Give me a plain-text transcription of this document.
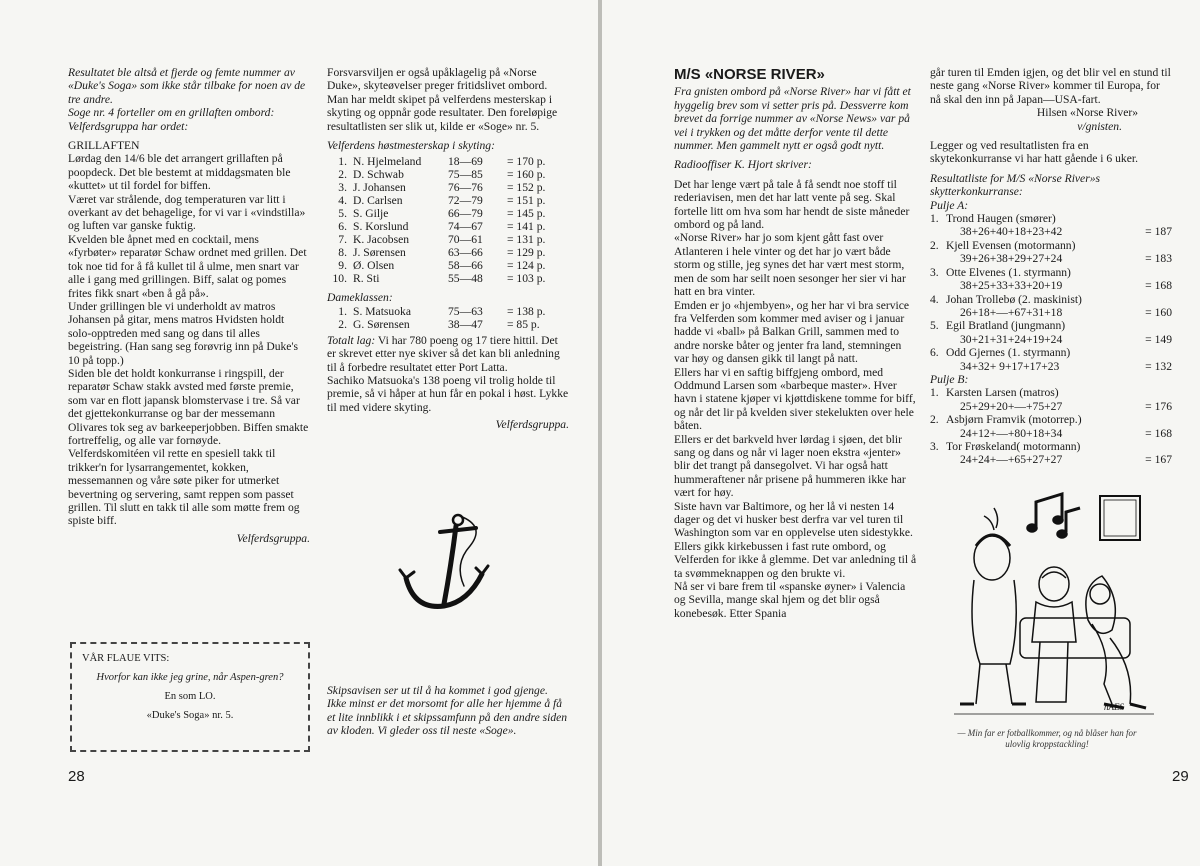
Resultatet ble altså et fjerde og femte nummer av «Duke's Soga» som ikke står tilbake for noen av de tre andre.

Soge nr. 4 forteller om en grillaften ombord: Velferdsgruppa har ordet:

GRILLAFTEN

Lørdag den 14/6 ble det arrangert grillaften på poopdeck. Det ble bestemt at middagsmaten ble «kuttet» ut til fordel for biffen.

Været var strålende, dog temperaturen var litt i overkant av det behagelige, for vi var i «vindstilla» og luften var ganske fuktig.

Kvelden ble åpnet med en cocktail, mens «fyrbøter» reparatør Schaw ordnet med grillen. Det tok noe tid for å få kullet til å ulme, men snart var alle i gang med grillingen. Biff, salat og pomes frites fikk snart «ben å gå på».

Under grillingen ble vi underholdt av matros Johansen på gitar, mens matros Hvidsten holdt solo-opptreden med sang og dans til alles begeistring. (Han sang seg forøvrig inn på Duke's 10 på topp.)

Siden ble det holdt konkurranse i ringspill, der reparatør Schaw stakk avsted med første premie, som var en flott japansk blomstervase i tre. Så var det gjettekonkurranse og bar der messemann Olivares tok seg av barkeeperjobben. Biffen smakte fortreffelig, og alle var fornøyde.

Velferdskomitéen vil rette en spesiell takk til trikker'n for lysarrangementet, kokken, messemannen og våre søte piker for utmerket bevertning og servering, samt reppen som passet grillen. Til slutt en takk til alle som møtte frem og spiste biff.

Velferdsgruppa.

VÅR FLAUE VITS:

Hvorfor kan ikke jeg grine, når Aspen-gren?

En som LO.

«Duke's Soga» nr. 5.

Forsvarsviljen er også upåklagelig på «Norse Duke», skyteøvelser preger fritidslivet ombord. Man har meldt skipet på velferdens mesterskap i skyting og oppnår gode resultater. Den foreløpige resultatlisten ser slik ut, kilde er «Soge» nr. 5.

Velferdens høstmesterskap i skyting:

1.	N. Hjelmeland	18—69	= 170 p.
2.	D. Schwab	75—85	= 160 p.
3.	J. Johansen	76—76	= 152 p.
4.	D. Carlsen	72—79	= 151 p.
5.	S. Gilje	66—79	= 145 p.
6.	S. Korslund	74—67	= 141 p.
7.	K. Jacobsen	70—61	= 131 p.
8.	J. Sørensen	63—66	= 129 p.
9.	Ø. Olsen	58—66	= 124 p.
10.	R. Sti	55—48	= 103 p.

Dameklassen:

1.	S. Matsuoka	75—63	= 138 p.
2.	G. Sørensen	38—47	= 85 p.

Totalt lag: Vi har 780 poeng og 17 tiere hittil. Det er skrevet etter nye skiver så det kan bli anledning til å forbedre resultatet etter Port Latta.

Sachiko Matsuoka's 138 poeng vil trolig holde til premie, så vi håper at hun får en pokal i høst. Lykke til med videre skyting.

Velferdsgruppa.

Skipsavisen ser ut til å ha kommet i god gjenge. Ikke minst er det morsomt for alle her hjemme å få et lite innblikk i et skipssamfunn på den andre siden av kloden. Vi gleder oss til neste «Soge».
28
M/S «NORSE RIVER»

Fra gnisten ombord på «Norse River» har vi fått et hyggelig brev som vi setter pris på. Dessverre kom brevet da forrige nummer av «Norse News» var på vei i trykken og det måtte derfor vente til dette nummer. Men gammelt nytt er også godt nytt.

Radiooffiser K. Hjort skriver:

Det har lenge vært på tale å få sendt noe stoff til rederiavisen, men det har latt vente på seg. Skal fortelle litt om hva som har hendt de siste måneder ombord og på land.

«Norse River» har jo som kjent gått fast over Atlanteren i hele vinter og det har jo vært både storm og stille, jeg synes det har vært mest storm, men de som har seilt noen sesonger her sier vi har hatt en bra vinter.

Emden er jo «hjembyen», og her har vi bra service fra Velferden som kommer med aviser og i januar hadde vi «ball» på Balkan Grill, sammen med to andre norske båter og jenter fra land, stemningen var høy og dansen gikk til langt på natt.

Ellers har vi en saftig biffgjeng ombord, med Oddmund Larsen som «barbeque master». Hver havn i statene kjøper vi kjøttdiskene tomme for biff, og når det lir på kvelden siver stekelukten over hele båten.

Ellers er det barkveld hver lørdag i sjøen, det blir sang og dans og når vi lager noen ekstra «jenter» blir det trangt på dansegolvet. Vi har også hatt hummeraftener når prisene på hummeren ikke har vært for høy.

Siste havn var Baltimore, og her lå vi nesten 14 dager og det vi husker best derfra var vel turen til Washington som var en opplevelse uten sidestykke. Ellers gikk kirkebussen i fast rute ombord, og Velferden for ikke å glemme. Det var anledning til å ta svømmeknappen og den brukte vi.

Nå ser vi bare frem til «spanske øyner» i Valencia og Sevilla, mange skal hjem og det blir også konebesøk. Etter Spania

går turen til Emden igjen, og det blir vel en stund til neste gang «Norse River» kommer til Europa, for nå skal den inn på Japan—USA-fart.

Hilsen «Norse River»

v/gnisten.

Legger og ved resultatlisten fra en skytekonkurranse vi har hatt gående i 6 uker.

Resultatliste for M/S «Norse River»s skytterkonkurranse:

Pulje A:

1. Trond Haugen (smører)
38+26+40+18+23+42	= 187
2. Kjell Evensen (motormann)
39+26+38+29+27+24	= 183
3. Otte Elvenes (1. styrmann)
38+25+33+33+20+19	= 168
4. Johan Trollebø (2. maskinist)
26+18+—+67+31+18	= 160
5. Egil Bratland (jungmann)
30+21+31+24+19+24	= 149
6. Odd Gjernes (1. styrmann)
34+32+ 9+17+17+23	= 132

Pulje B:

1. Karsten Larsen (matros)
25+29+20+—+75+27	= 176
2. Asbjørn Framvik (motorrep.)
24+12+—+80+18+34	= 168
3. Tor Frøskeland( motormann)
24+24+—+65+27+27	= 167
hAES
— Min far er fotballkommer, og nå blåser han for ulovlig kroppstackling!
29
